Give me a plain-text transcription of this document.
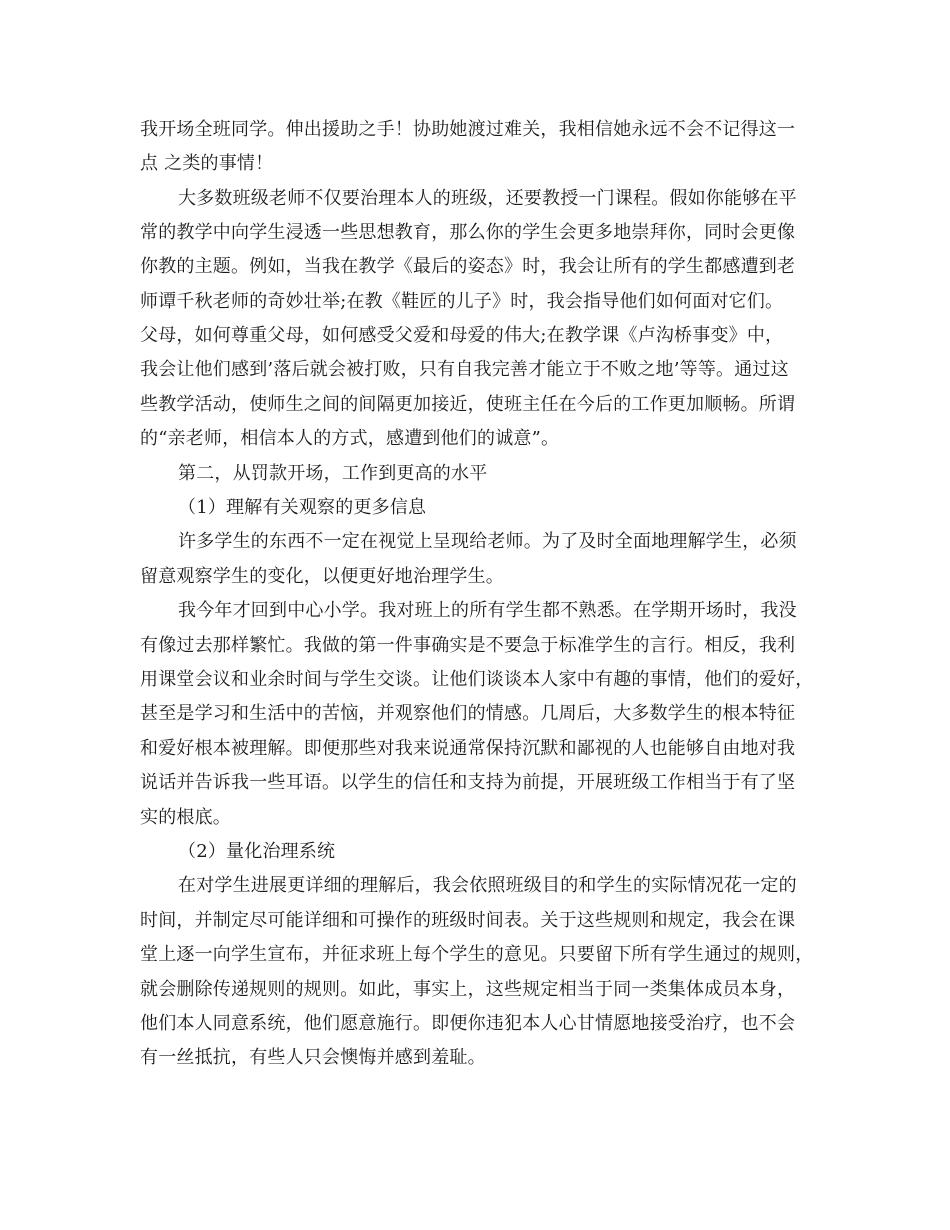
我开场全班同学。伸出援助之手！协助她渡过难关，我相信她永远不会不记得这一
点 之类的事情！
大多数班级老师不仅要治理本人的班级，还要教授一门课程。假如你能够在平
常的教学中向学生浸透一些思想教育，那么你的学生会更多地崇拜你，同时会更像
你教的主题。例如，当我在教学《最后的姿态》时，我会让所有的学生都感遭到老
师谭千秋老师的奇妙壮举;在教《鞋匠的儿子》时，我会指导他们如何面对它们。
父母，如何尊重父母，如何感受父爱和母爱的伟大;在教学课《卢沟桥事变》中，
我会让他们感到’落后就会被打败，只有自我完善才能立于不败之地’等等。通过这
些教学活动，使师生之间的间隔更加接近，使班主任在今后的工作更加顺畅。所谓
的“亲老师，相信本人的方式，感遭到他们的诚意”。
第二，从罚款开场，工作到更高的水平
（1）理解有关观察的更多信息
许多学生的东西不一定在视觉上呈现给老师。为了及时全面地理解学生，必须
留意观察学生的变化，以便更好地治理学生。
我今年才回到中心小学。我对班上的所有学生都不熟悉。在学期开场时，我没
有像过去那样繁忙。我做的第一件事确实是不要急于标准学生的言行。相反，我利
用课堂会议和业余时间与学生交谈。让他们谈谈本人家中有趣的事情，他们的爱好，
甚至是学习和生活中的苦恼，并观察他们的情感。几周后，大多数学生的根本特征
和爱好根本被理解。即便那些对我来说通常保持沉默和鄙视的人也能够自由地对我
说话并告诉我一些耳语。以学生的信任和支持为前提，开展班级工作相当于有了坚
实的根底。
（2）量化治理系统
在对学生进展更详细的理解后，我会依照班级目的和学生的实际情况花一定的
时间，并制定尽可能详细和可操作的班级时间表。关于这些规则和规定，我会在课
堂上逐一向学生宣布，并征求班上每个学生的意见。只要留下所有学生通过的规则，
就会删除传递规则的规则。如此，事实上，这些规定相当于同一类集体成员本身，
他们本人同意系统，他们愿意施行。即便你违犯本人心甘情愿地接受治疗，也不会
有一丝抵抗，有些人只会懊悔并感到羞耻。
